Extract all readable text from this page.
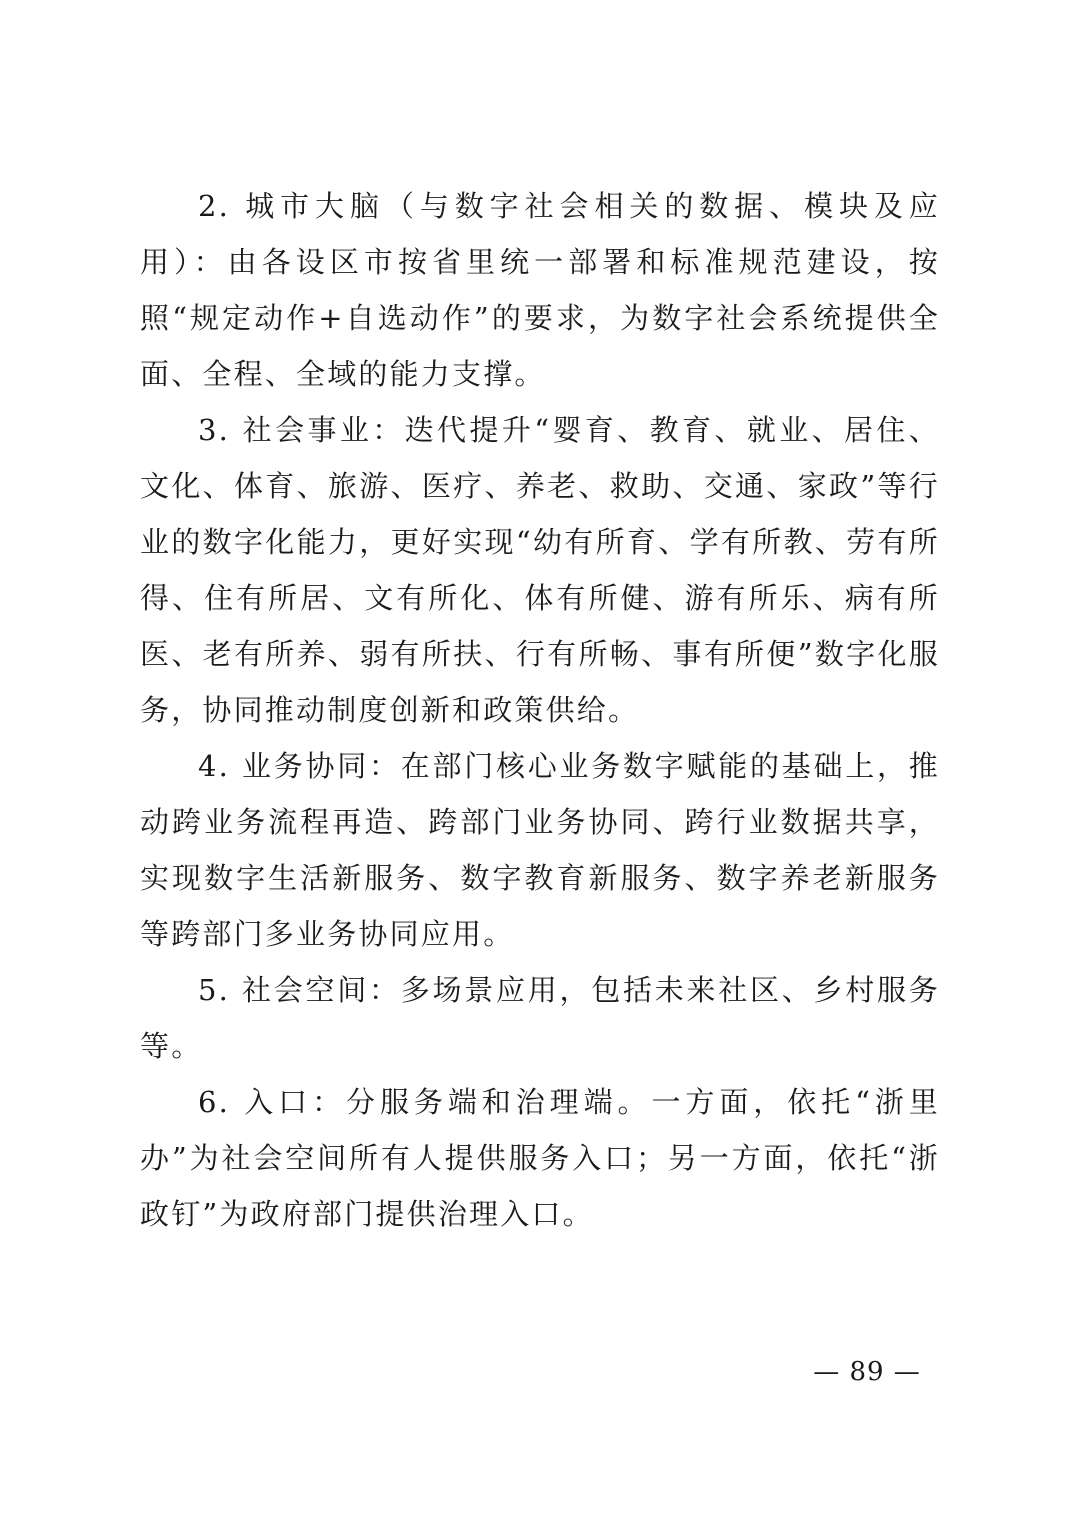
2. 城市大脑（与数字社会相关的数据、模块及应用）：由各设区市按省里统一部署和标准规范建设，按照“规定动作+自选动作”的要求，为数字社会系统提供全面、全程、全域的能力支撑。

3. 社会事业：迭代提升“婴育、教育、就业、居住、文化、体育、旅游、医疗、养老、救助、交通、家政”等行业的数字化能力，更好实现“幼有所育、学有所教、劳有所得、住有所居、文有所化、体有所健、游有所乐、病有所医、老有所养、弱有所扶、行有所畅、事有所便”数字化服务，协同推动制度创新和政策供给。

4. 业务协同：在部门核心业务数字赋能的基础上，推动跨业务流程再造、跨部门业务协同、跨行业数据共享，实现数字生活新服务、数字教育新服务、数字养老新服务等跨部门多业务协同应用。

5. 社会空间：多场景应用，包括未来社区、乡村服务等。

6. 入口：分服务端和治理端。一方面，依托“浙里办”为社会空间所有人提供服务入口；另一方面，依托“浙政钉”为政府部门提供治理入口。

— 89 —
